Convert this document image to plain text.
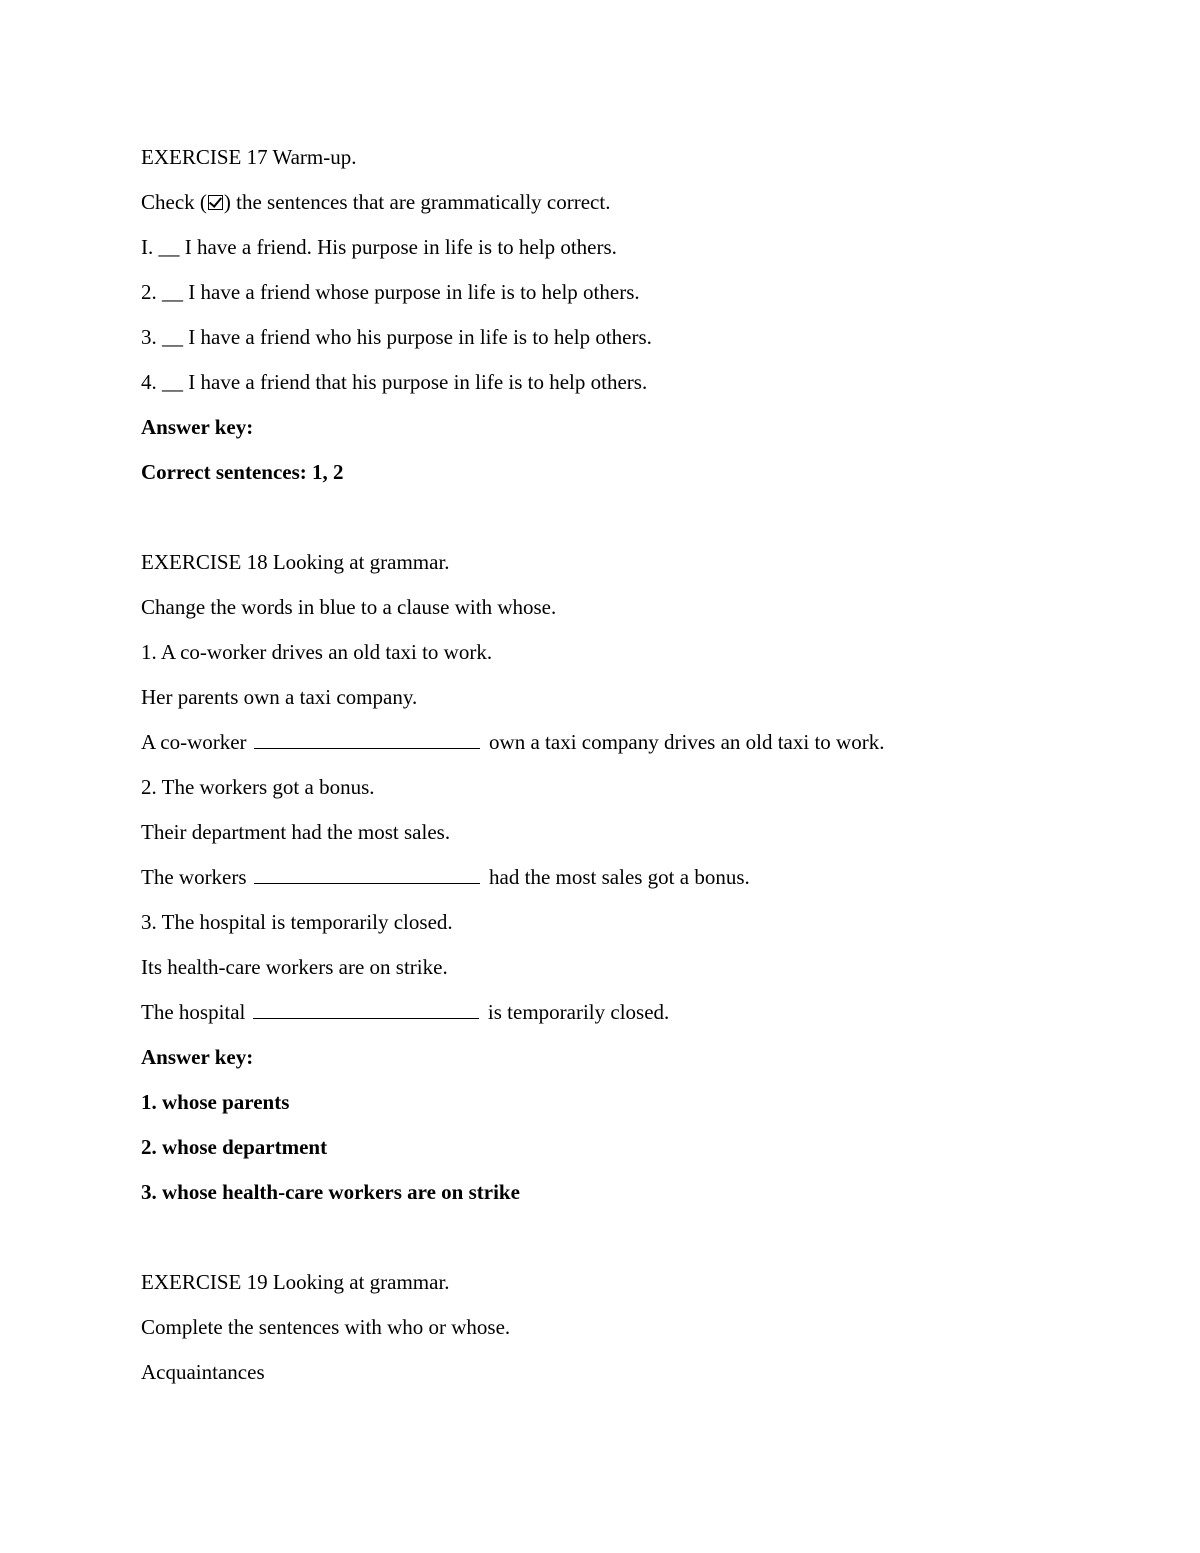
EXERCISE 17 Warm-up.
Check ( ) the sentences that are grammatically correct.
I. __ I have a friend. His purpose in life is to help others.
2. __ I have a friend whose purpose in life is to help others.
3. __ I have a friend who his purpose in life is to help others.
4. __ I have a friend that his purpose in life is to help others.
Answer key:
Correct sentences: 1, 2
EXERCISE 18 Looking at grammar.
Change the words in blue to a clause with whose.
1. A co-worker drives an old taxi to work.
Her parents own a taxi company.
A co-worker	own a taxi company drives an old taxi to work.
2. The workers got a bonus.
Their department had the most sales.
The workers	had the most sales got a bonus.
3. The hospital is temporarily closed.
Its health-care workers are on strike.
The hospital	is temporarily closed.
Answer key:
1. whose parents
2. whose department
3. whose health-care workers are on strike
EXERCISE 19 Looking at grammar.
Complete the sentences with who or whose.
Acquaintances
